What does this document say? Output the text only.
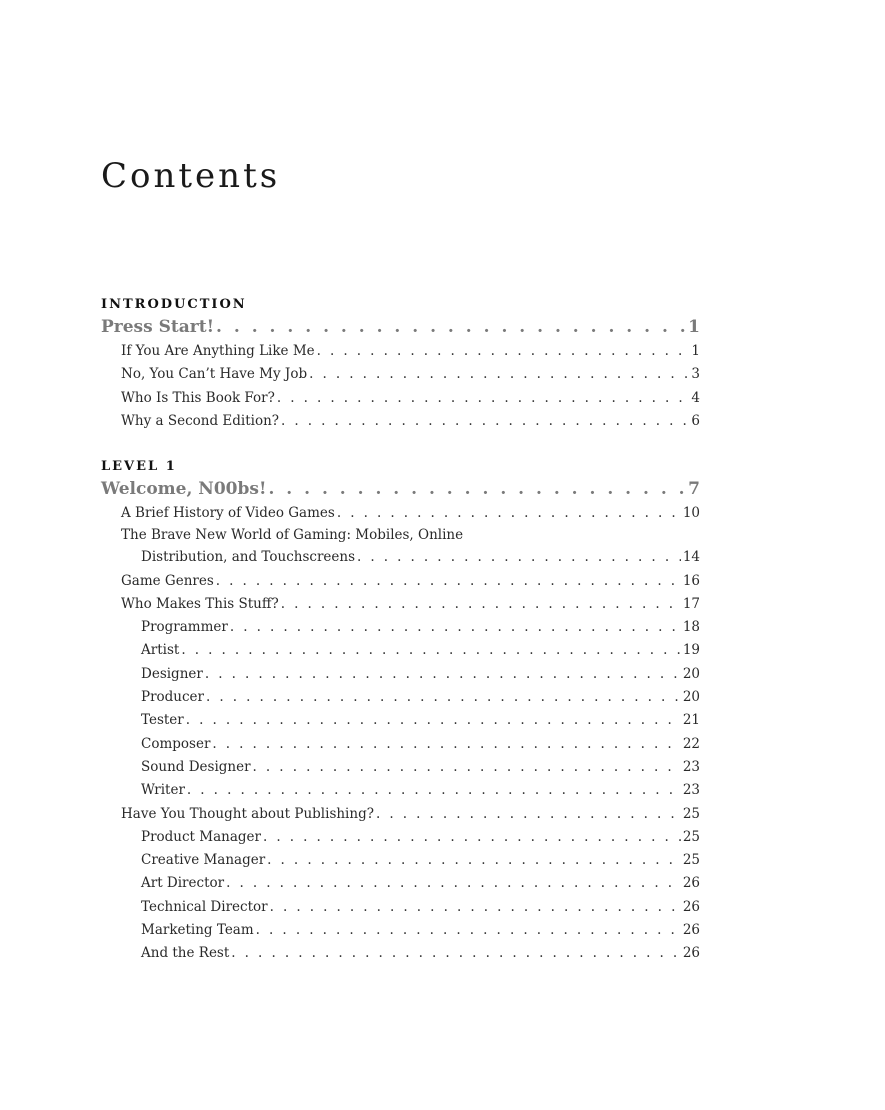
Contents
INTRODUCTION
Press Start! . . .	1
If You Are Anything Like Me . . .	1
No, You Can’t Have My Job . . .	3
Who Is This Book For? . . .	4
Why a Second Edition? . . .	6
LEVEL 1
Welcome, N00bs! . . .	7
A Brief History of Video Games . . .	10
The Brave New World of Gaming: Mobiles, Online
Distribution, and Touchscreens . . .	14
Game Genres . . .	16
Who Makes This Stuff? . . .	17
Programmer . . .	18
Artist . . .	19
Designer . . .	20
Producer . . .	20
Tester . . .	21
Composer . . .	22
Sound Designer . . .	23
Writer . . .	23
Have You Thought about Publishing? . . .	25
Product Manager . . .	25
Creative Manager . . .	25
Art Director . . .	26
Technical Director . . .	26
Marketing Team . . .	26
And the Rest . . .	26
